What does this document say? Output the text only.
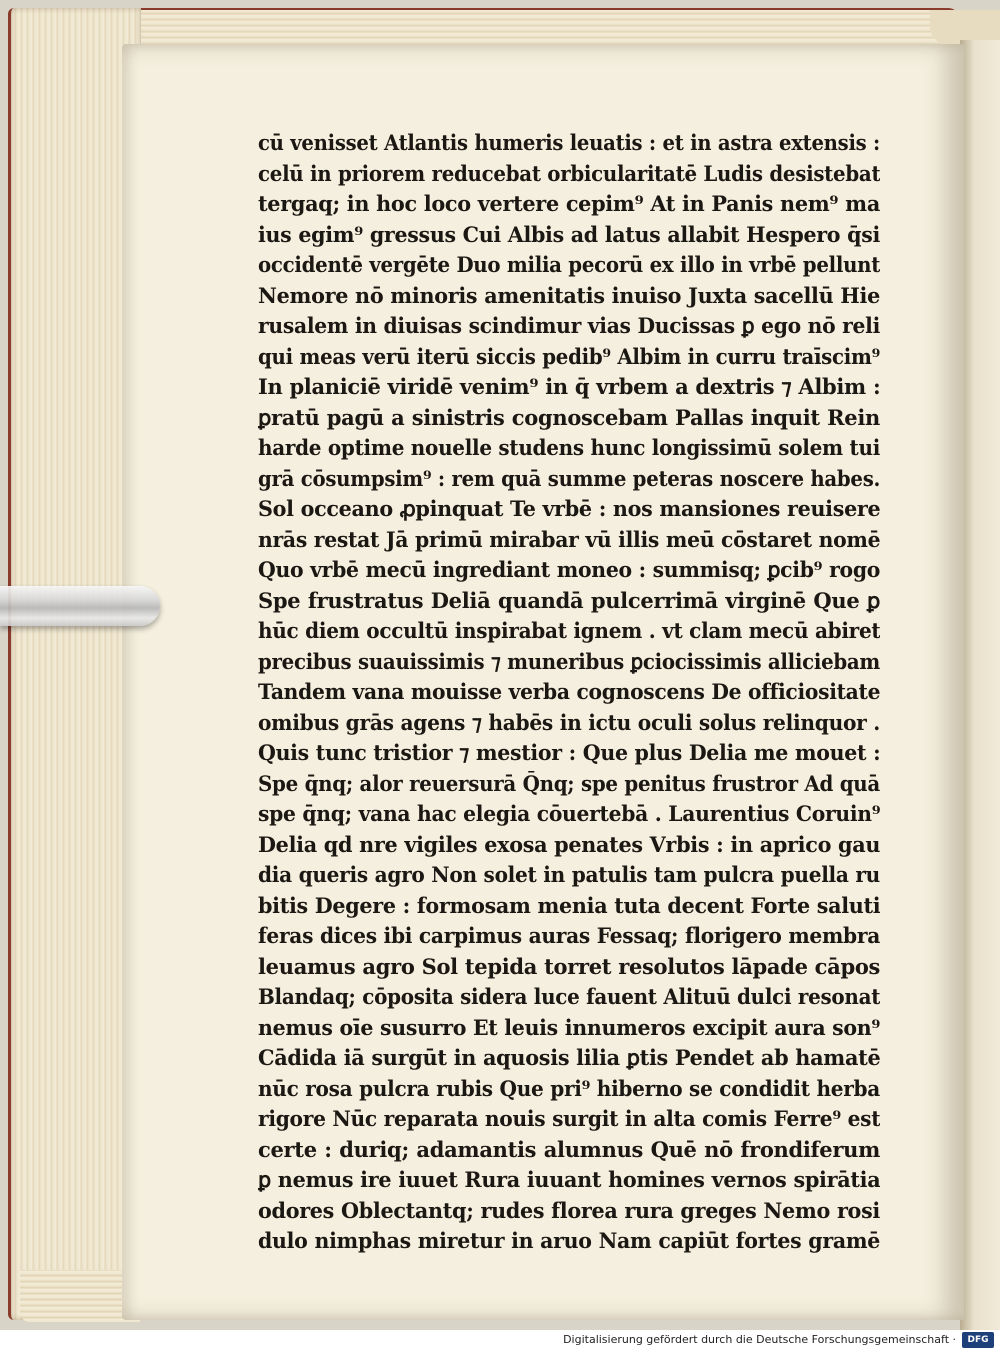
cū venisset Atlantis humeris leuatis : et in astra extensis :
celū in priorem reducebat orbicularitatē Ludis desistebat
tergaq; in hoc loco vertere cepim⁹ At in Panis nem⁹ ma
ius egim⁹ gressus Cui Albis ad latus allabit Hespero q̄si
occidentē vergēte Duo milia pecorū ex illo in vrbē pellunt
Nemore nō minoris amenitatis inuiso Juxta sacellū Hie
rusalem in diuisas scindimur vias Ducissas ꝑ ego nō reli
qui meas verū iterū siccis pedib⁹ Albim in curru traīscim⁹
In planiciē viridē venim⁹ in q̄ vrbem a dextris ⁊ Albim :
ꝑratū pagū a sinistris cognoscebam Pallas inquit Rein
harde optime nouelle studens hunc longissimū solem tui
grā cōsumpsim⁹ : rem quā summe peteras noscere habes.
Sol occeano ꝓpinquat Te vrbē : nos mansiones reuisere
nrās restat Jā primū mirabar vū illis meū cōstaret nomē
Quo vrbē mecū ingrediant moneo : summisq; ꝑcib⁹ rogo
Spe frustratus Deliā quandā pulcerrimā virginē Que ꝑ
hūc diem occultū inspirabat ignem . vt clam mecū abiret
precibus suauissimis ⁊ muneribus ꝑciocissimis alliciebam
Tandem vana mouisse verba cognoscens De officiositate
omibus grās agens ⁊ habēs in ictu oculi solus relinquor .
Quis tunc tristior ⁊ mestior : Que plus Delia me mouet :
Spe q̄nq; alor reuersurā Q̄nq; spe penitus frustror Ad quā
spe q̄nq; vana hac elegia cōuertebā . Laurentius Coruin⁹
Delia qd nre vigiles exosa penates Vrbis : in aprico gau
dia queris agro Non solet in patulis tam pulcra puella ru
bitis Degere : formosam menia tuta decent Forte saluti
feras dices ibi carpimus auras Fessaq; florigero membra
leuamus agro Sol tepida torret resolutos lāpade cāpos
Blandaq; cōposita sidera luce fauent Alituū dulci resonat
nemus oīe susurro Et leuis innumeros excipit aura son⁹
Cādida iā surgūt in aquosis lilia ꝑtis Pendet ab hamatē
nūc rosa pulcra rubis Que pri⁹ hiberno se condidit herba
rigore Nūc reparata nouis surgit in alta comis Ferre⁹ est
certe : duriq; adamantis alumnus Quē nō frondiferum
ꝑ nemus ire iuuet Rura iuuant homines vernos spirātia
odores Oblectantq; rudes florea rura greges Nemo rosi
dulo nimphas miretur in aruo Nam capiūt fortes gramē
Digitalisierung gefördert durch die Deutsche Forschungsgemeinschaft ·	DFG
